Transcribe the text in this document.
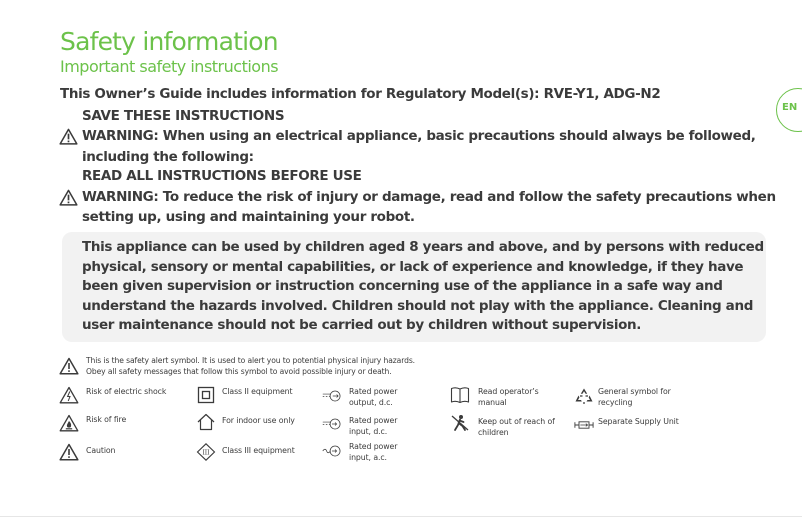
Safety information
Important safety instructions
EN
This Owner’s Guide includes information for Regulatory Model(s): RVE-Y1, ADG-N2
SAVE THESE INSTRUCTIONS
WARNING: When using an electrical appliance, basic precautions should always be followed,
including the following:
READ ALL INSTRUCTIONS BEFORE USE
WARNING: To reduce the risk of injury or damage, read and follow the safety precautions when
setting up, using and maintaining your robot.
This appliance can be used by children aged 8 years and above, and by persons with reduced
physical, sensory or mental capabilities, or lack of experience and knowledge, if they have
been given supervision or instruction concerning use of the appliance in a safe way and
understand the hazards involved. Children should not play with the appliance. Cleaning and
user maintenance should not be carried out by children without supervision.
This is the safety alert symbol. It is used to alert you to potential physical injury hazards.
Obey all safety messages that follow this symbol to avoid possible injury or death.
Risk of electric shock
Risk of fire
Caution
Class II equipment
For indoor use only
III Class III equipment
Rated power
output, d.c.
Rated power
input, d.c.
Rated power
input, a.c.
Read operator’s
manual
Keep out of reach of
children
General symbol for
recycling
Separate Supply Unit
